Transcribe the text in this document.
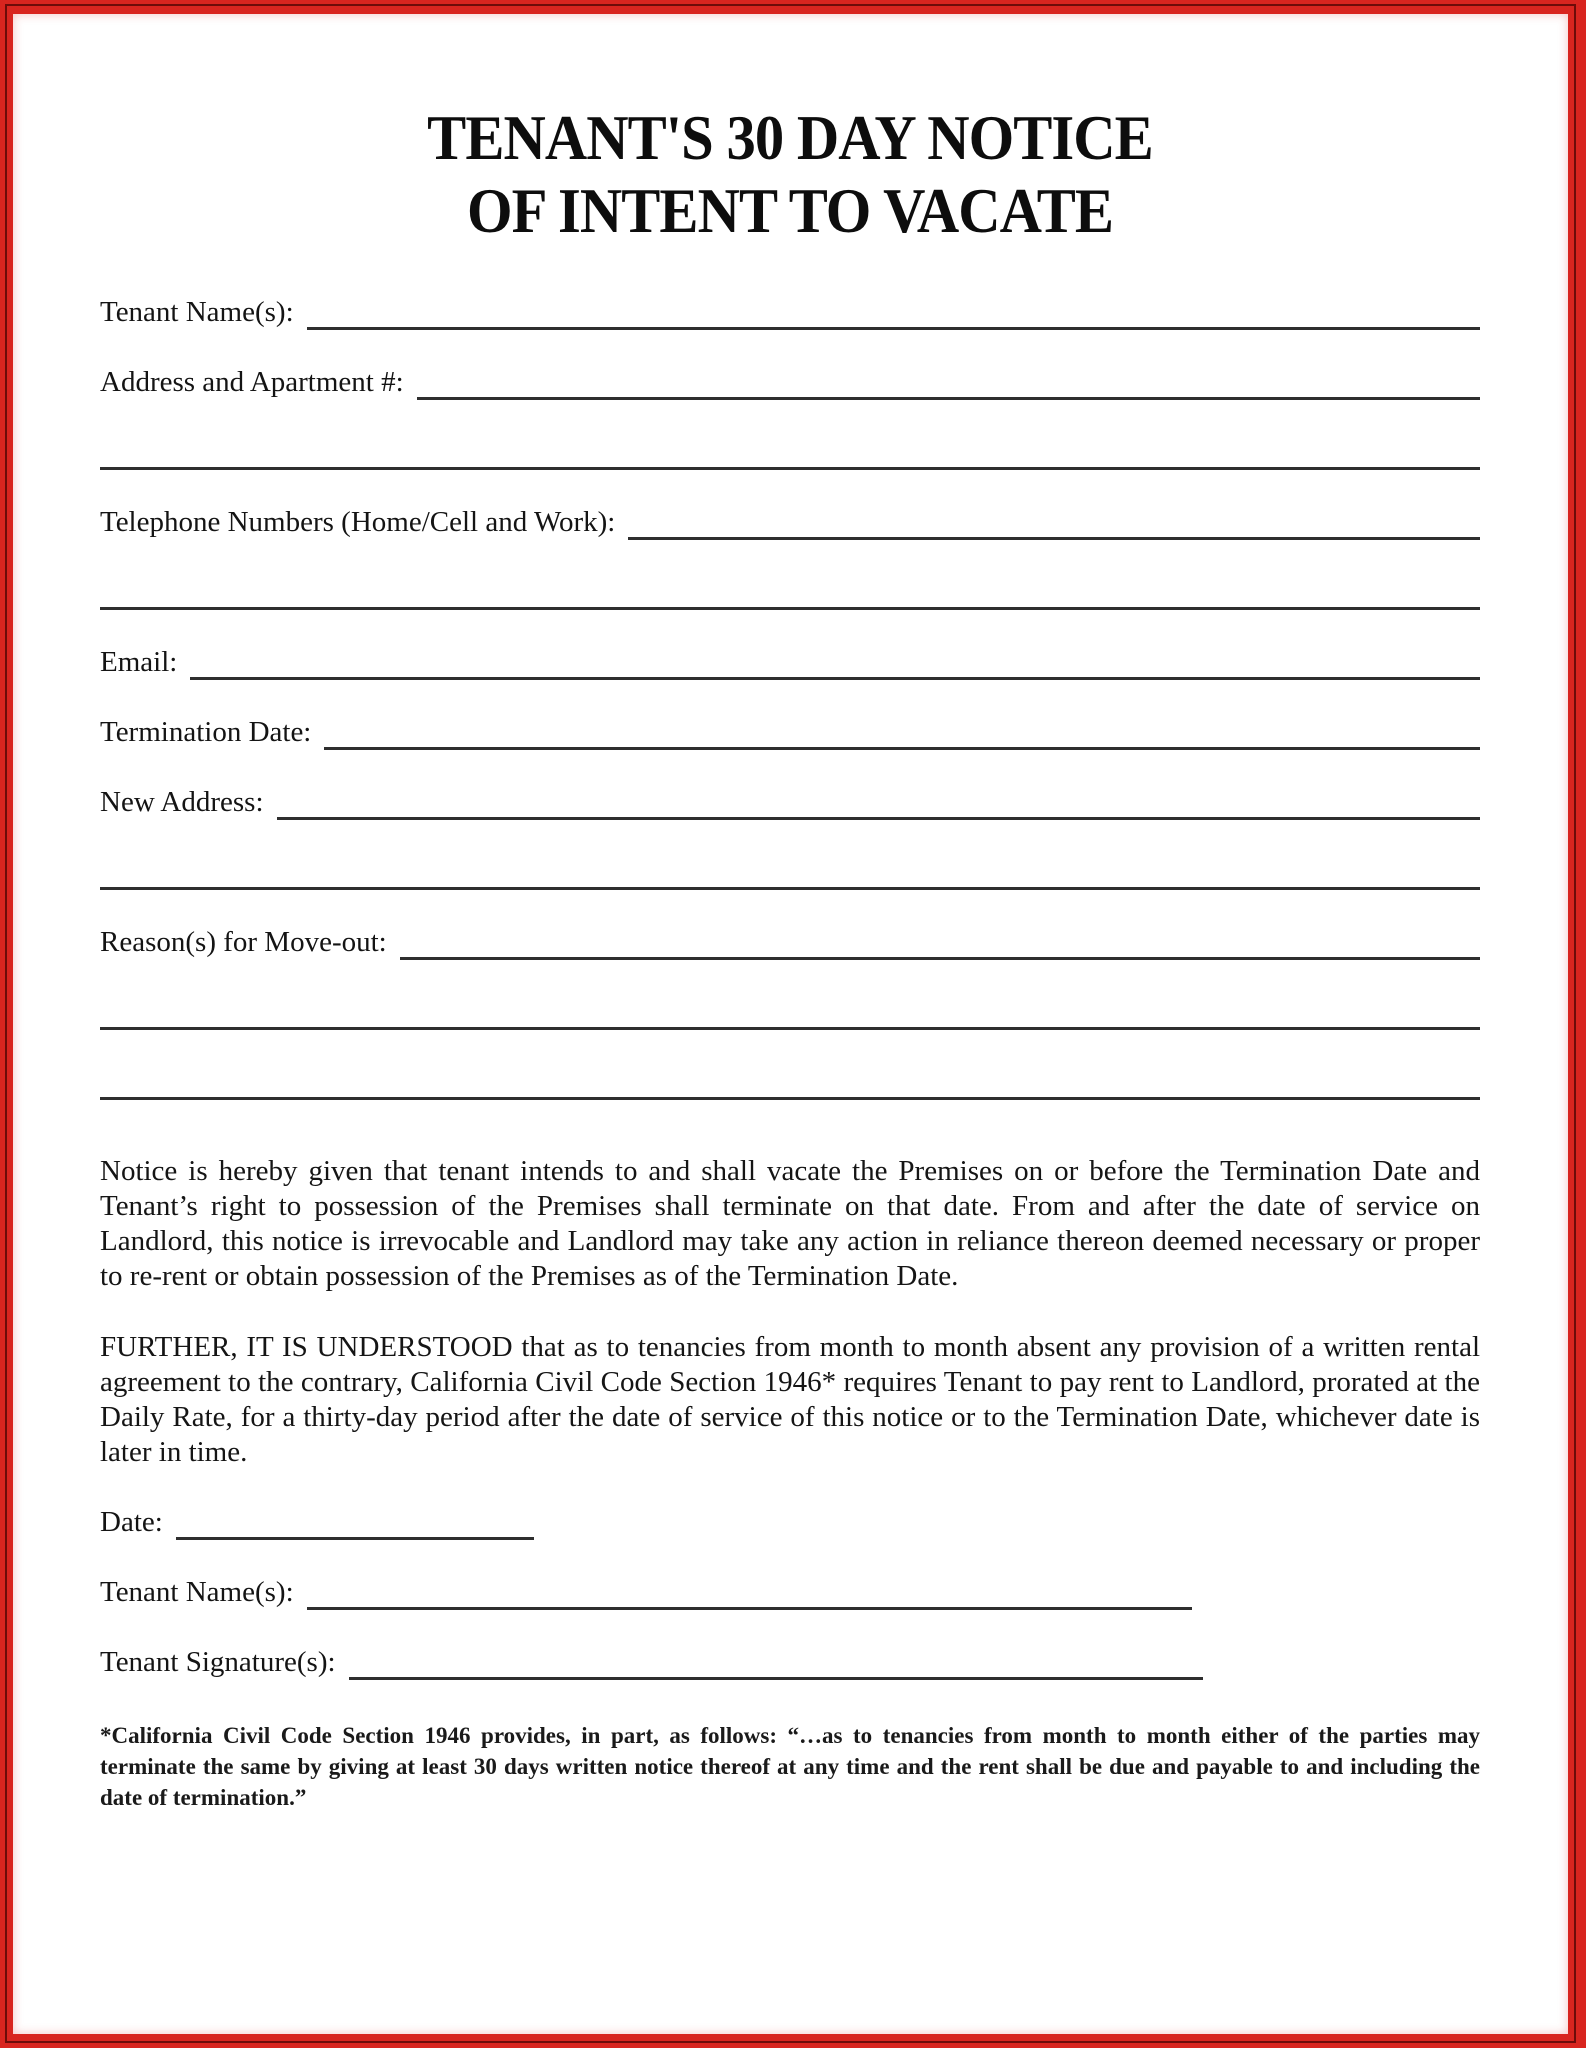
TENANT'S 30 DAY NOTICE
OF INTENT TO VACATE
Tenant Name(s):
Address and Apartment #:
Telephone Numbers (Home/Cell and Work):
Email:
Termination Date:
New Address:
Reason(s) for Move-out:
Notice is hereby given that tenant intends to and shall vacate the Premises on or before the Termination Date and Tenant’s right to possession of the Premises shall terminate on that date. From and after the date of service on Landlord, this notice is irrevocable and Landlord may take any action in reliance thereon deemed necessary or proper to re-rent or obtain possession of the Premises as of the Termination Date.
FURTHER, IT IS UNDERSTOOD that as to tenancies from month to month absent any provision of a written rental agreement to the contrary, California Civil Code Section 1946* requires Tenant to pay rent to Landlord, prorated at the Daily Rate, for a thirty-day period after the date of service of this notice or to the Termination Date, whichever date is later in time.
Date:
Tenant Name(s):
Tenant Signature(s):
*California Civil Code Section 1946 provides, in part, as follows: “…as to tenancies from month to month either of the parties may terminate the same by giving at least 30 days written notice thereof at any time and the rent shall be due and payable to and including the date of termination.”
